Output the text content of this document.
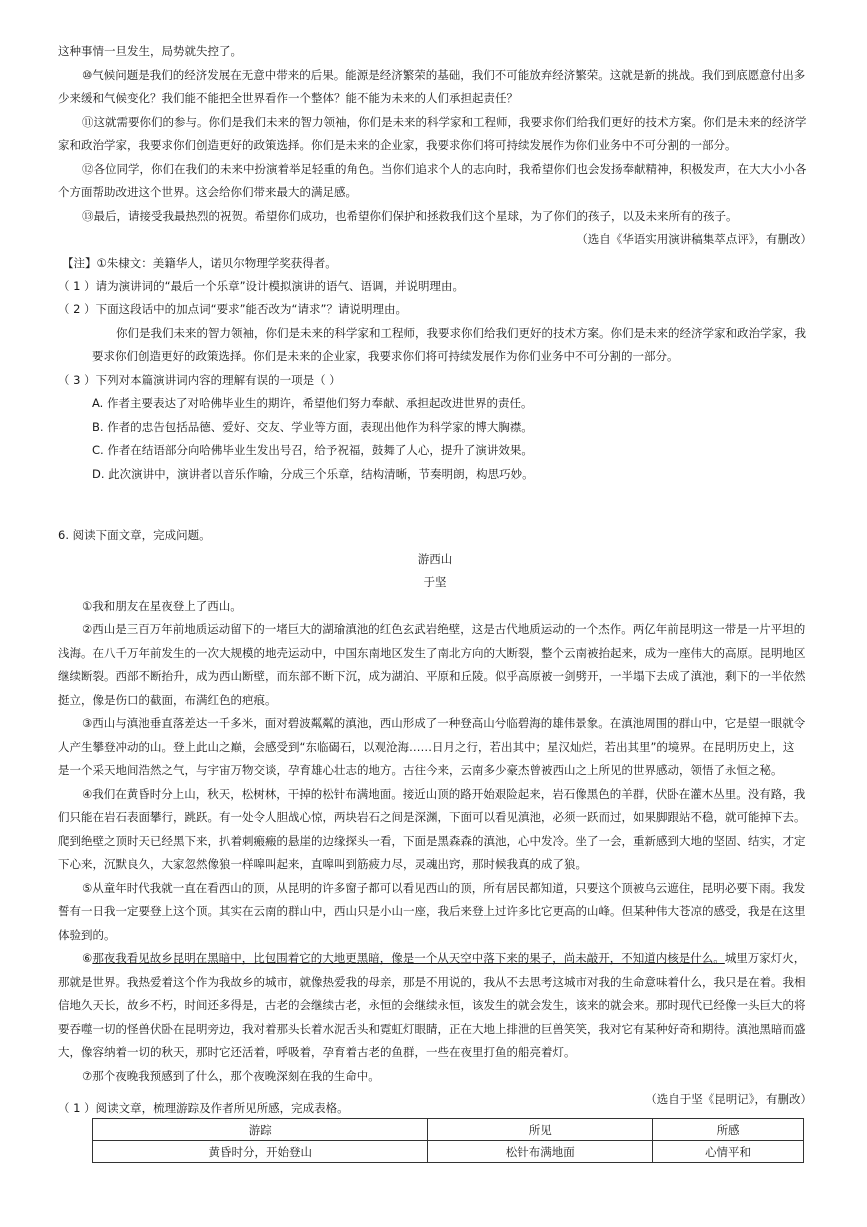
这种事情一旦发生，局势就失控了。
⑩气候问题是我们的经济发展在无意中带来的后果。能源是经济繁荣的基础，我们不可能放弃经济繁荣。这就是新的挑战。我们到底愿意付出多
少来缓和气候变化？我们能不能把全世界看作一个整体？能不能为未来的人们承担起责任？
⑪这就需要你们的参与。你们是我们未来的智力领袖，你们是未来的科学家和工程师，我要求你们给我们更好的技术方案。你们是未来的经济学
家和政治学家，我要求你们创造更好的政策选择。你们是未来的企业家，我要求你们将可持续发展作为你们业务中不可分割的一部分。
⑫各位同学，你们在我们的未来中扮演着举足轻重的角色。当你们追求个人的志向时，我希望你们也会发扬奉献精神，积极发声，在大大小小各
个方面帮助改进这个世界。这会给你们带来最大的满足感。
⑬最后，请接受我最热烈的祝贺。希望你们成功，也希望你们保护和拯救我们这个星球，为了你们的孩子，以及未来所有的孩子。
（选自《华语实用演讲稿集萃点评》，有删改）
【注】①朱棣文：美籍华人，诺贝尔物理学奖获得者。
（ 1 ）请为演讲词的“最后一个乐章”设计模拟演讲的语气、语调，并说明理由。
（ 2 ）下面这段话中的加点词“要求”能否改为“请求”？请说明理由。
你们是我们未来的智力领袖，你们是未来的科学家和工程师，我要求你们给我们更好的技术方案。你们是未来的经济学家和政治学家，我
要求你们创造更好的政策选择。你们是未来的企业家，我要求你们将可持续发展作为你们业务中不可分割的一部分。
（ 3 ）下列对本篇演讲词内容的理解有误的一项是（ ）
A. 作者主要表达了对哈佛毕业生的期许，希望他们努力奉献、承担起改进世界的责任。
B. 作者的忠告包括品德、爱好、交友、学业等方面，表现出他作为科学家的博大胸襟。
C. 作者在结语部分向哈佛毕业生发出号召，给予祝福，鼓舞了人心，提升了演讲效果。
D. 此次演讲中，演讲者以音乐作喻，分成三个乐章，结构清晰，节奏明朗，构思巧妙。
6. 阅读下面文章，完成问题。
游西山
于坚
①我和朋友在星夜登上了西山。
②西山是三百万年前地质运动留下的一堵巨大的湖瑜滇池的红色玄武岩绝壁，这是古代地质运动的一个杰作。两亿年前昆明这一带是一片平坦的
浅海。在八千万年前发生的一次大规模的地壳运动中，中国东南地区发生了南北方向的大断裂，整个云南被抬起来，成为一座伟大的高原。昆明地区
继续断裂。西部不断抬升，成为西山断壁，而东部不断下沉，成为湖泊、平原和丘陵。似乎高原被一剑劈开，一半塌下去成了滇池，剩下的一半依然
挺立，像是伤口的截面，布满红色的疤痕。
③西山与滇池垂直落差达一千多米，面对碧波粼粼的滇池，西山形成了一种登高山兮临碧海的雄伟景象。在滇池周围的群山中，它是望一眼就令
人产生攀登冲动的山。登上此山之巅，会感受到“东临碣石，以观沧海……日月之行，若出其中；星汉灿烂，若出其里”的境界。在昆明历史上，这
是一个采天地间浩然之气，与宇宙万物交谈，孕育雄心壮志的地方。古往今来，云南多少豪杰曾被西山之上所见的世界感动，领悟了永恒之秘。
④我们在黄昏时分上山，秋天，松树林，干掉的松针布满地面。接近山顶的路开始艰险起来，岩石像黑色的羊群，伏卧在灌木丛里。没有路，我
们只能在岩石表面攀行，跳跃。有一处令人胆战心惊，两块岩石之间是深渊，下面可以看见滇池，必须一跃而过，如果脚跟站不稳，就可能掉下去。
爬到绝壁之顶时天已经黑下来，扒着刺瘢瘢的悬崖的边缘探头一看，下面是黑森森的滇池，心中发冷。坐了一会，重新感到大地的坚固、结实，才定
下心来，沉默良久，大家忽然像狼一样嗥叫起来，直嗥叫到筋疲力尽，灵魂出窍，那时候我真的成了狼。
⑤从童年时代我就一直在看西山的顶，从昆明的许多窗子都可以看见西山的顶，所有居民都知道，只要这个顶被乌云遮住，昆明必要下雨。我发
誓有一日我一定要登上这个顶。其实在云南的群山中，西山只是小山一座，我后来登上过许多比它更高的山峰。但某种伟大苍凉的感受，我是在这里
体验到的。
⑥那夜我看见故乡昆明在黑暗中，比包围着它的大地更黑暗，像是一个从天空中落下来的果子，尚未敲开，不知道内核是什么。城里万家灯火，
那就是世界。我热爱着这个作为我故乡的城市，就像热爱我的母亲，那是不用说的，我从不去思考这城市对我的生命意味着什么，我只是在着。我相
信地久天长，故乡不朽，时间还多得是，古老的会继续古老，永恒的会继续永恒，该发生的就会发生，该来的就会来。那时现代已经像一头巨大的将
要吞噬一切的怪兽伏卧在昆明旁边，我对着那头长着水泥舌头和霓虹灯眼睛，正在大地上排泄的巨兽笑笑，我对它有某种好奇和期待。滇池黑暗而盛
大，像容纳着一切的秋天，那时它还活着，呼吸着，孕育着古老的鱼群，一些在夜里打鱼的船亮着灯。
⑦那个夜晚我预感到了什么，那个夜晚深刻在我的生命中。
（选自于坚《昆明记》，有删改）
（ 1 ）阅读文章，梳理游踪及作者所见所感，完成表格。
游踪	所见	所感
黄昏时分，开始登山	松针布满地面	心情平和
